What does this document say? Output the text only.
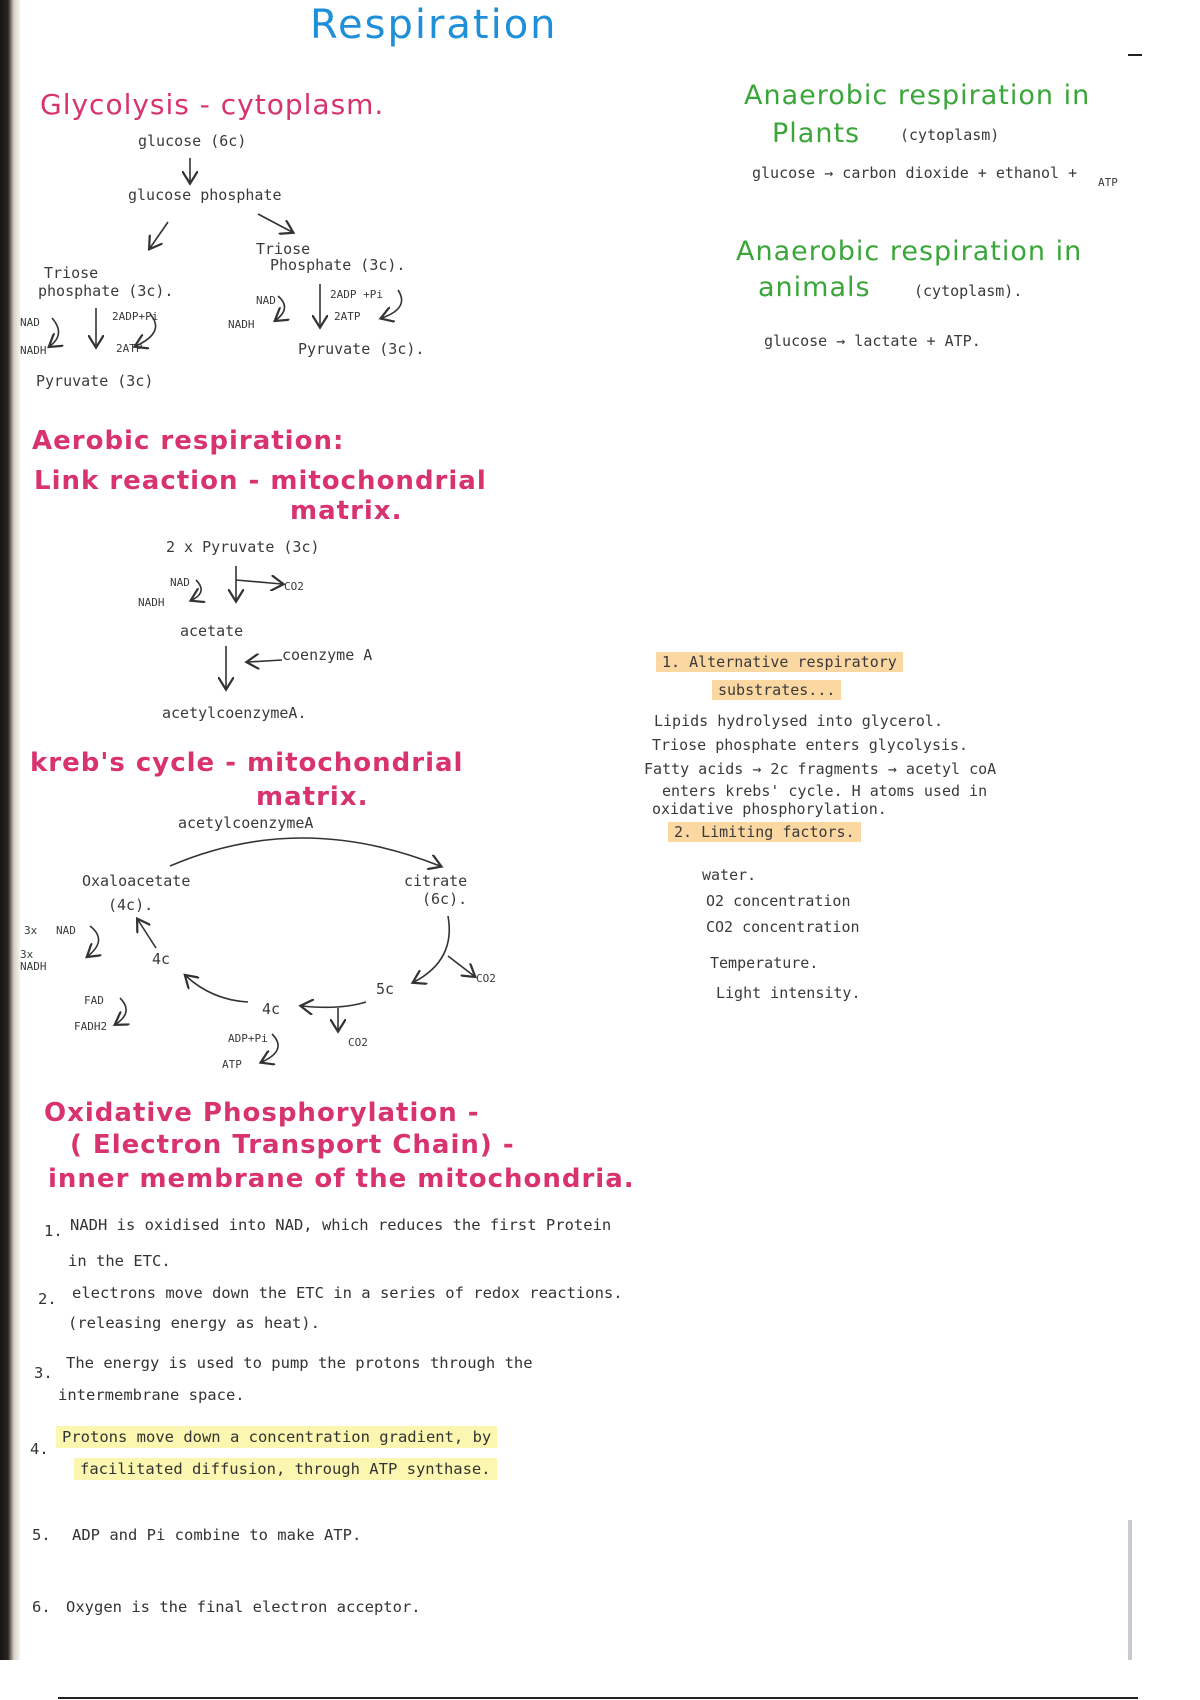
Respiration
Glycolysis - cytoplasm.
glucose (6c)
glucose phosphate
Triose
phosphate (3c).
NAD
NADH
2ADP+Pi
2ATP
Pyruvate (3c)
Triose
Phosphate (3c).
NAD
NADH
2ADP +Pi
2ATP
Pyruvate (3c).
Aerobic respiration:
Link reaction - mitochondrial
matrix.
2 x Pyruvate (3c)
NAD
NADH
CO2
acetate
coenzyme A
acetylcoenzymeA.
kreb's cycle - mitochondrial
matrix.
acetylcoenzymeA
Oxaloacetate
(4c).
citrate
(6c).
3x NAD
3x
NADH	4c
4c
5c
CO2
CO2
FAD
FADH2
ADP+Pi
ATP
Oxidative Phosphorylation -
( Electron Transport Chain) -
inner membrane of the mitochondria.
1. NADH is oxidised into NAD, which reduces the first Protein
in the ETC.
2. electrons move down the ETC in a series of redox reactions.
(releasing energy as heat).
3.
The energy is used to pump the protons through the
intermembrane space.
4.
Protons move down a concentration gradient, by
facilitated diffusion, through ATP synthase.
5. ADP and Pi combine to make ATP.
6. Oxygen is the final electron acceptor.
Anaerobic respiration in
Plants	(cytoplasm)
glucose → carbon dioxide + ethanol +
ATP
Anaerobic respiration in
animals	(cytoplasm).
glucose → lactate + ATP.
1. Alternative respiratory
substrates...
Lipids hydrolysed into glycerol.
Triose phosphate enters glycolysis.
Fatty acids → 2c fragments → acetyl coA
enters krebs' cycle. H atoms used in
oxidative phosphorylation.
2. Limiting factors.
water.
O2 concentration
CO2 concentration
Temperature.
Light intensity.
